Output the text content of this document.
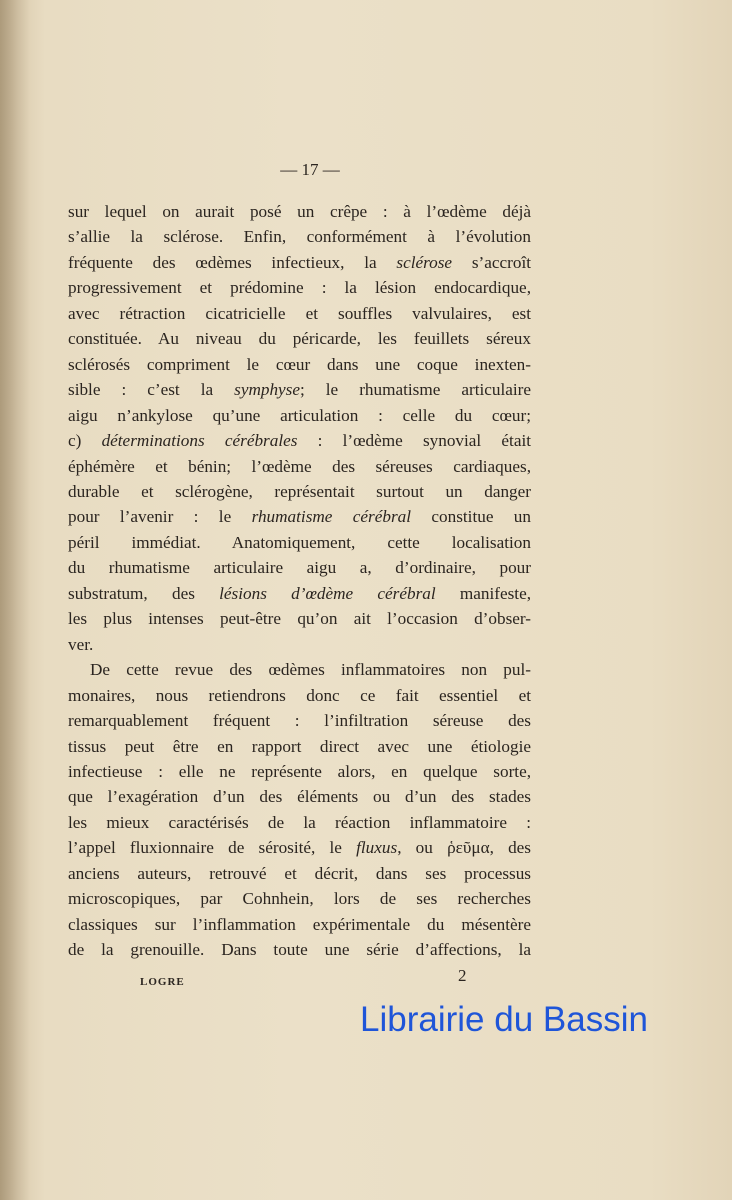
— 17 —
sur lequel on aurait posé un crêpe : à l’œdème déjà
s’allie la sclérose. Enfin, conformément à l’évolution
fréquente des œdèmes infectieux, la sclérose s’accroît
progressivement et prédomine : la lésion endocardique,
avec rétraction cicatricielle et souffles valvulaires, est
constituée. Au niveau du péricarde, les feuillets séreux
sclérosés compriment le cœur dans une coque inexten-
sible : c’est la symphyse; le rhumatisme articulaire
aigu n’ankylose qu’une articulation : celle du cœur;
c) déterminations cérébrales : l’œdème synovial était
éphémère et bénin; l’œdème des séreuses cardiaques,
durable et sclérogène, représentait surtout un danger
pour l’avenir : le rhumatisme cérébral constitue un
péril immédiat. Anatomiquement, cette localisation
du rhumatisme articulaire aigu a, d’ordinaire, pour
substratum, des lésions d’œdème cérébral manifeste,
les plus intenses peut-être qu’on ait l’occasion d’obser-
ver.
De cette revue des œdèmes inflammatoires non pul-
monaires, nous retiendrons donc ce fait essentiel et
remarquablement fréquent : l’infiltration séreuse des
tissus peut être en rapport direct avec une étiologie
infectieuse : elle ne représente alors, en quelque sorte,
que l’exagération d’un des éléments ou d’un des stades
les mieux caractérisés de la réaction inflammatoire :
l’appel fluxionnaire de sérosité, le fluxus, ou ῥεῦμα, des
anciens auteurs, retrouvé et décrit, dans ses processus
microscopiques, par Cohnhein, lors de ses recherches
classiques sur l’inflammation expérimentale du mésentère
de la grenouille. Dans toute une série d’affections, la
LOGRE	2
Librairie du Bassin
